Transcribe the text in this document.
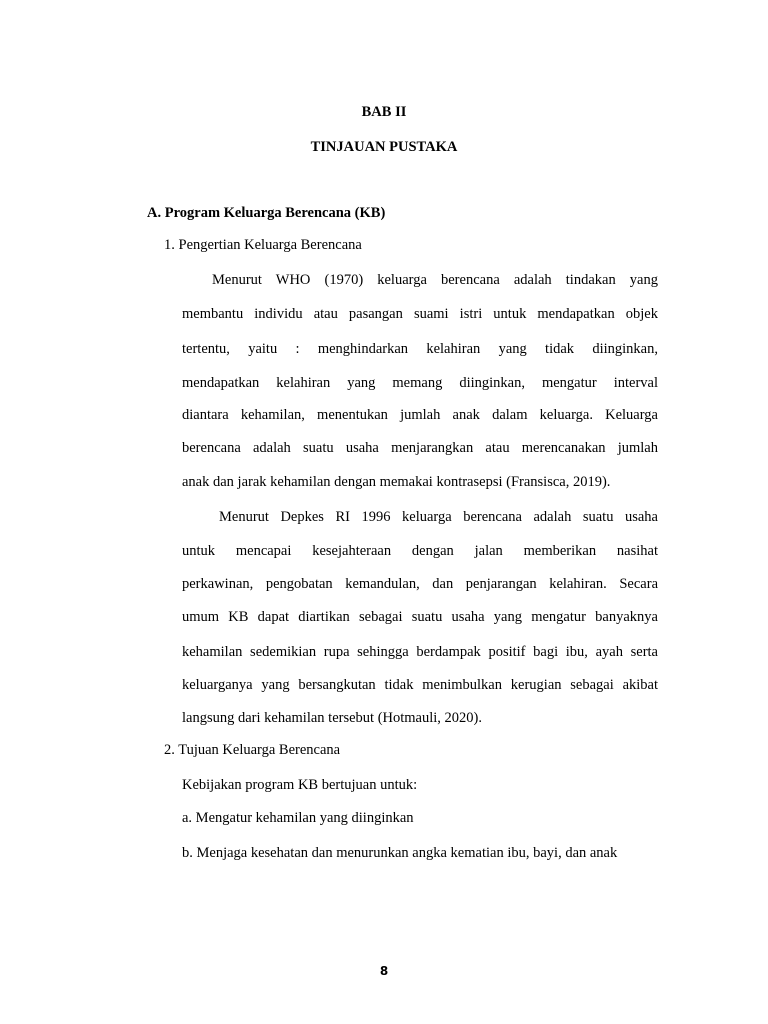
BAB II
TINJAUAN PUSTAKA
A. Program Keluarga Berencana (KB)
1. Pengertian Keluarga Berencana
Menurut WHO (1970) keluarga berencana adalah tindakan yang
membantu individu atau pasangan suami istri untuk mendapatkan objek
tertentu, yaitu : menghindarkan kelahiran yang tidak diinginkan,
mendapatkan kelahiran yang memang diinginkan, mengatur interval
diantara kehamilan, menentukan jumlah anak dalam keluarga. Keluarga
berencana adalah suatu usaha menjarangkan atau merencanakan jumlah
anak dan jarak kehamilan dengan memakai kontrasepsi (Fransisca, 2019).
Menurut Depkes RI 1996 keluarga berencana adalah suatu usaha
untuk mencapai kesejahteraan dengan jalan memberikan nasihat
perkawinan, pengobatan kemandulan, dan penjarangan kelahiran. Secara
umum KB dapat diartikan sebagai suatu usaha yang mengatur banyaknya
kehamilan sedemikian rupa sehingga berdampak positif bagi ibu, ayah serta
keluarganya yang bersangkutan tidak menimbulkan kerugian sebagai akibat
langsung dari kehamilan tersebut (Hotmauli, 2020).
2. Tujuan Keluarga Berencana
Kebijakan program KB bertujuan untuk:
a. Mengatur kehamilan yang diinginkan
b. Menjaga kesehatan dan menurunkan angka kematian ibu, bayi, dan anak
8
